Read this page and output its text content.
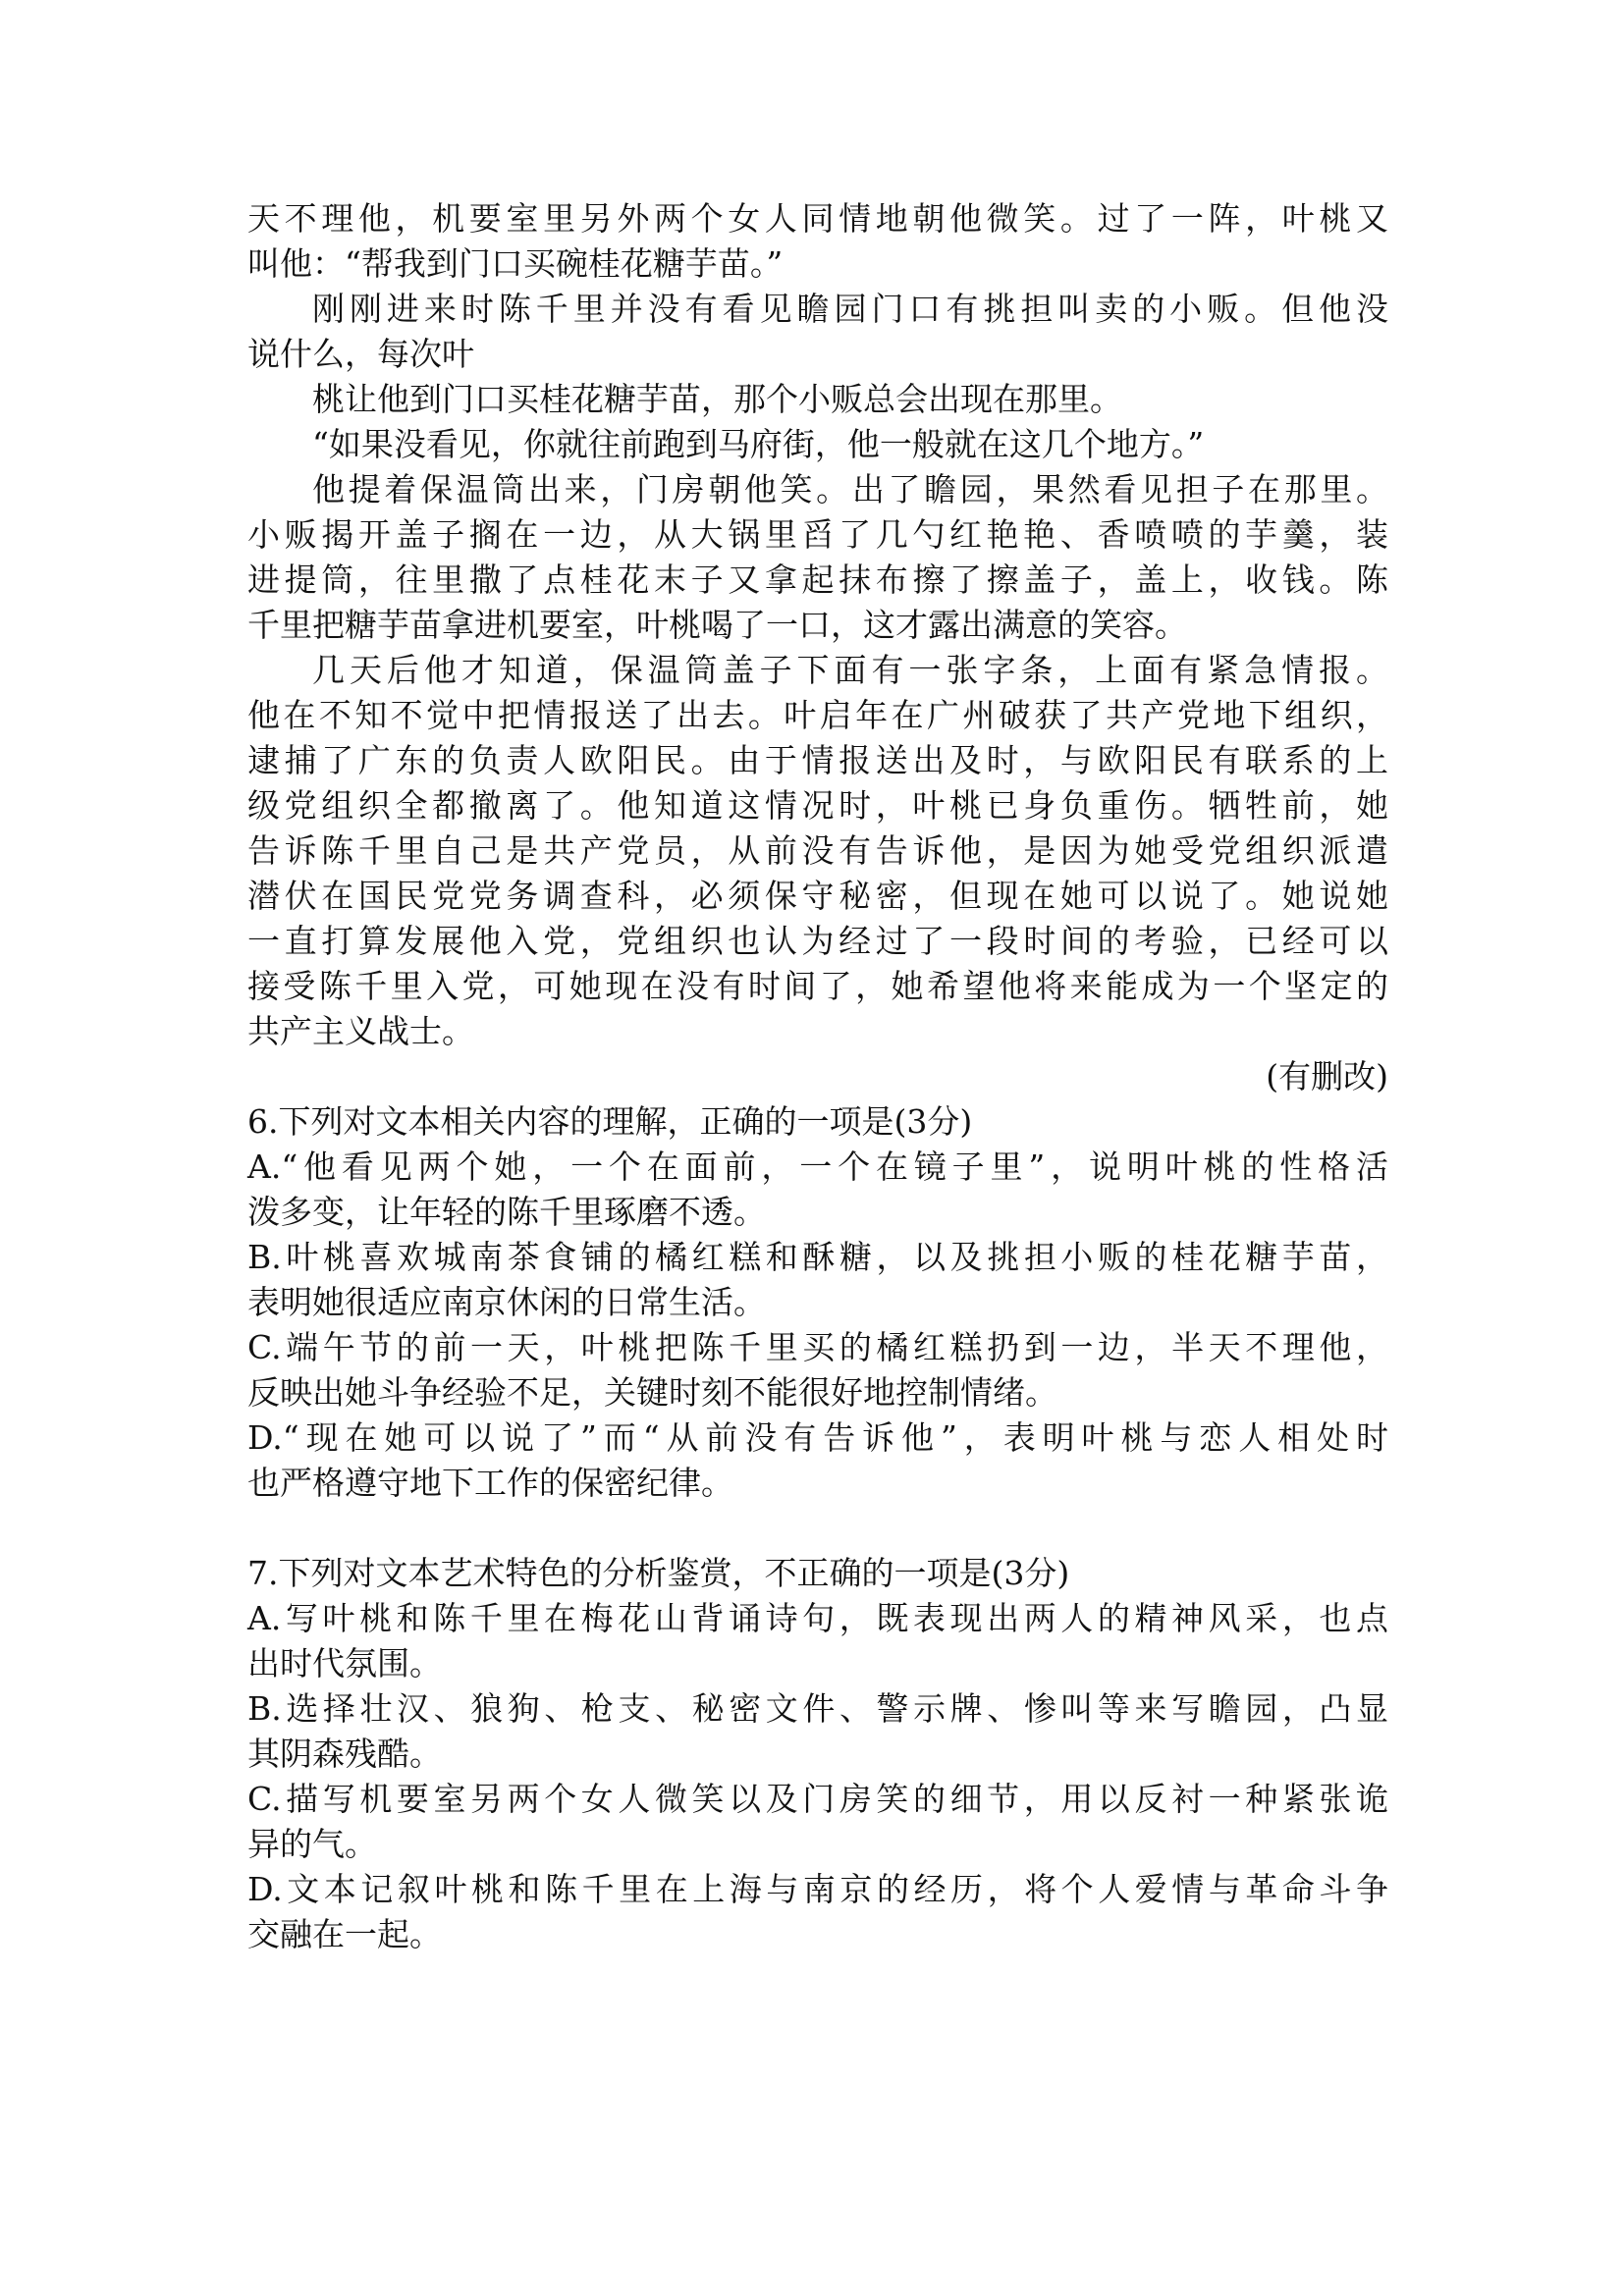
天不理他，机要室里另外两个女人同情地朝他微笑。过了一阵，叶桃又
叫他：“帮我到门口买碗桂花糖芋苗。”
刚刚进来时陈千里并没有看见瞻园门口有挑担叫卖的小贩。但他没
说什么，每次叶
桃让他到门口买桂花糖芋苗，那个小贩总会出现在那里。
“如果没看见，你就往前跑到马府街，他一般就在这几个地方。”
他提着保温筒出来，门房朝他笑。出了瞻园，果然看见担子在那里。
小贩揭开盖子搁在一边，从大锅里舀了几勺红艳艳、香喷喷的芋羹，装
进提筒，往里撒了点桂花末子又拿起抹布擦了擦盖子，盖上，收钱。陈
千里把糖芋苗拿进机要室，叶桃喝了一口，这才露出满意的笑容。
几天后他才知道，保温筒盖子下面有一张字条，上面有紧急情报。
他在不知不觉中把情报送了出去。叶启年在广州破获了共产党地下组织，
逮捕了广东的负责人欧阳民。由于情报送出及时，与欧阳民有联系的上
级党组织全都撤离了。他知道这情况时，叶桃已身负重伤。牺牲前，她
告诉陈千里自己是共产党员，从前没有告诉他，是因为她受党组织派遣
潜伏在国民党党务调查科，必须保守秘密，但现在她可以说了。她说她
一直打算发展他入党，党组织也认为经过了一段时间的考验，已经可以
接受陈千里入党，可她现在没有时间了，她希望他将来能成为一个坚定的
共产主义战士。
(有删改)
6.下列对文本相关内容的理解，正确的一项是(3分)
A.“他看见两个她，一个在面前，一个在镜子里”，说明叶桃的性格活
泼多变，让年轻的陈千里琢磨不透。
B.叶桃喜欢城南茶食铺的橘红糕和酥糖，以及挑担小贩的桂花糖芋苗，
表明她很适应南京休闲的日常生活。
C.端午节的前一天，叶桃把陈千里买的橘红糕扔到一边，半天不理他，
反映出她斗争经验不足，关键时刻不能很好地控制情绪。
D.“现在她可以说了”而“从前没有告诉他”，表明叶桃与恋人相处时
也严格遵守地下工作的保密纪律。
7.下列对文本艺术特色的分析鉴赏，不正确的一项是(3分)
A.写叶桃和陈千里在梅花山背诵诗句，既表现出两人的精神风采，也点
出时代氛围。
B.选择壮汉、狼狗、枪支、秘密文件、警示牌、惨叫等来写瞻园，凸显
其阴森残酷。
C.描写机要室另两个女人微笑以及门房笑的细节，用以反衬一种紧张诡
异的气。
D.文本记叙叶桃和陈千里在上海与南京的经历，将个人爱情与革命斗争
交融在一起。
